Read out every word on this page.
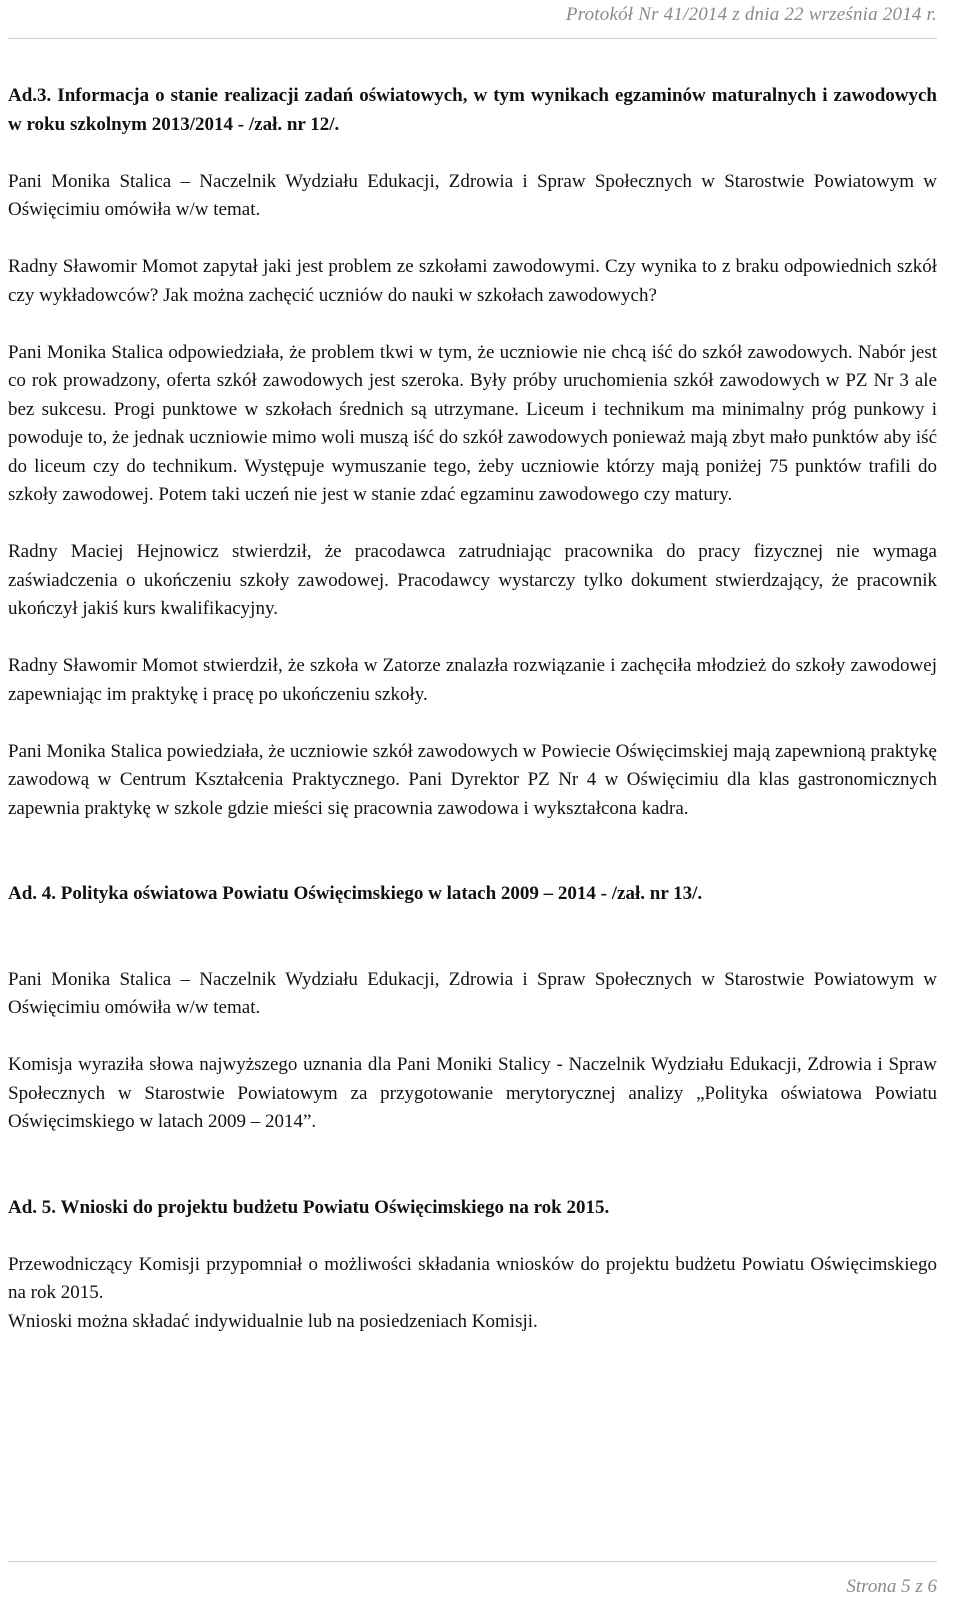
Protokół Nr 41/2014 z dnia 22 września 2014 r.
Ad.3. Informacja o stanie realizacji zadań oświatowych, w tym wynikach egzaminów maturalnych i zawodowych w roku szkolnym 2013/2014 - /zał. nr 12/.

Pani Monika Stalica – Naczelnik Wydziału Edukacji, Zdrowia i Spraw Społecznych w Starostwie Powiatowym w Oświęcimiu omówiła w/w temat.

Radny Sławomir Momot zapytał jaki jest problem ze szkołami zawodowymi. Czy wynika to z braku odpowiednich szkół czy wykładowców? Jak można zachęcić uczniów do nauki w szkołach zawodowych?

Pani Monika Stalica odpowiedziała, że problem tkwi w tym, że uczniowie nie chcą iść do szkół zawodowych. Nabór jest co rok prowadzony, oferta szkół zawodowych jest szeroka. Były próby uruchomienia szkół zawodowych w PZ Nr 3 ale bez sukcesu. Progi punktowe w szkołach średnich są utrzymane. Liceum i technikum ma minimalny próg punkowy i powoduje to, że jednak uczniowie mimo woli muszą iść do szkół zawodowych ponieważ mają zbyt mało punktów aby iść do liceum czy do technikum. Występuje wymuszanie tego, żeby uczniowie którzy mają poniżej 75 punktów trafili do szkoły zawodowej. Potem taki uczeń nie jest w stanie zdać egzaminu zawodowego czy matury.

Radny Maciej Hejnowicz stwierdził, że pracodawca zatrudniając pracownika do pracy fizycznej nie wymaga zaświadczenia o ukończeniu szkoły zawodowej. Pracodawcy wystarczy tylko dokument stwierdzający, że pracownik ukończył jakiś kurs kwalifikacyjny.

Radny Sławomir Momot stwierdził, że szkoła w Zatorze znalazła rozwiązanie i zachęciła młodzież do szkoły zawodowej zapewniając im praktykę i pracę po ukończeniu szkoły.

Pani Monika Stalica powiedziała, że uczniowie szkół zawodowych w Powiecie Oświęcimskiej mają zapewnioną praktykę zawodową w Centrum Kształcenia Praktycznego. Pani Dyrektor PZ Nr 4 w Oświęcimiu dla klas gastronomicznych zapewnia praktykę w szkole gdzie mieści się pracownia zawodowa i wykształcona kadra.

Ad. 4. Polityka oświatowa Powiatu Oświęcimskiego w latach 2009 – 2014 - /zał. nr 13/.

Pani Monika Stalica – Naczelnik Wydziału Edukacji, Zdrowia i Spraw Społecznych w Starostwie Powiatowym w Oświęcimiu omówiła w/w temat.

Komisja wyraziła słowa najwyższego uznania dla Pani Moniki Stalicy - Naczelnik Wydziału Edukacji, Zdrowia i Spraw Społecznych w Starostwie Powiatowym za przygotowanie merytorycznej analizy „Polityka oświatowa Powiatu Oświęcimskiego w latach 2009 – 2014”.

Ad. 5. Wnioski do projektu budżetu Powiatu Oświęcimskiego na rok 2015.

Przewodniczący Komisji przypomniał o możliwości składania wniosków do projektu budżetu Powiatu Oświęcimskiego na rok 2015.

Wnioski można składać indywidualnie lub na posiedzeniach Komisji.

Strona 5 z 6
